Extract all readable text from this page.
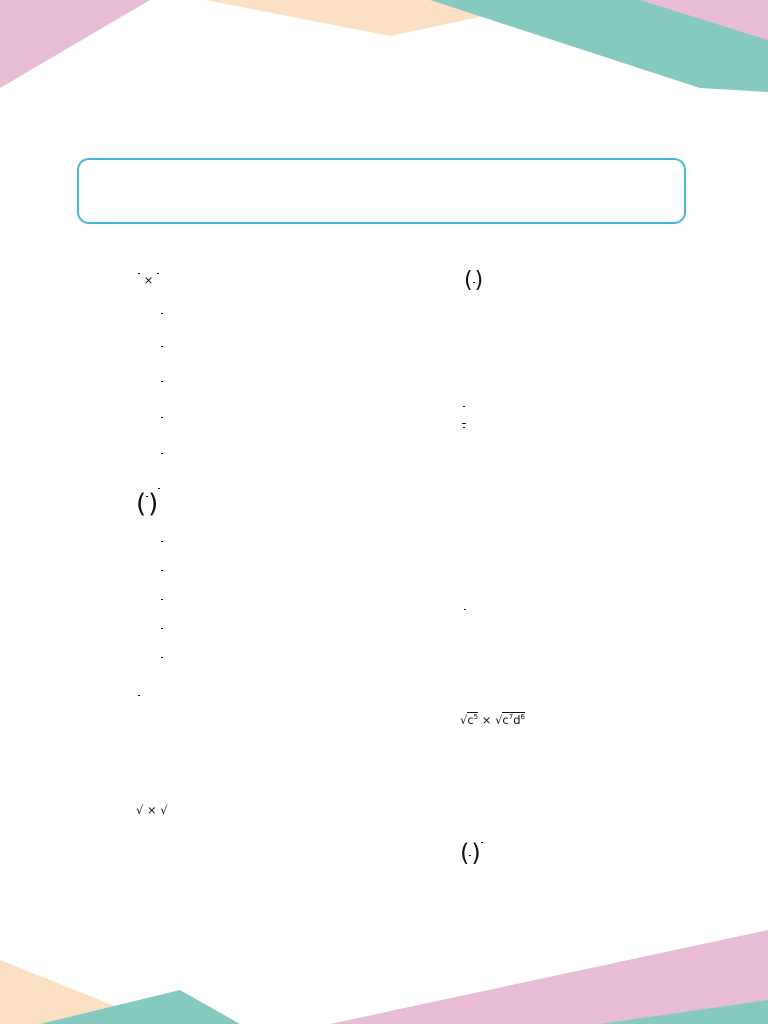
×
(
)
√ × √
(
)
$√c^5 \times √c^7d^6$
(
)
